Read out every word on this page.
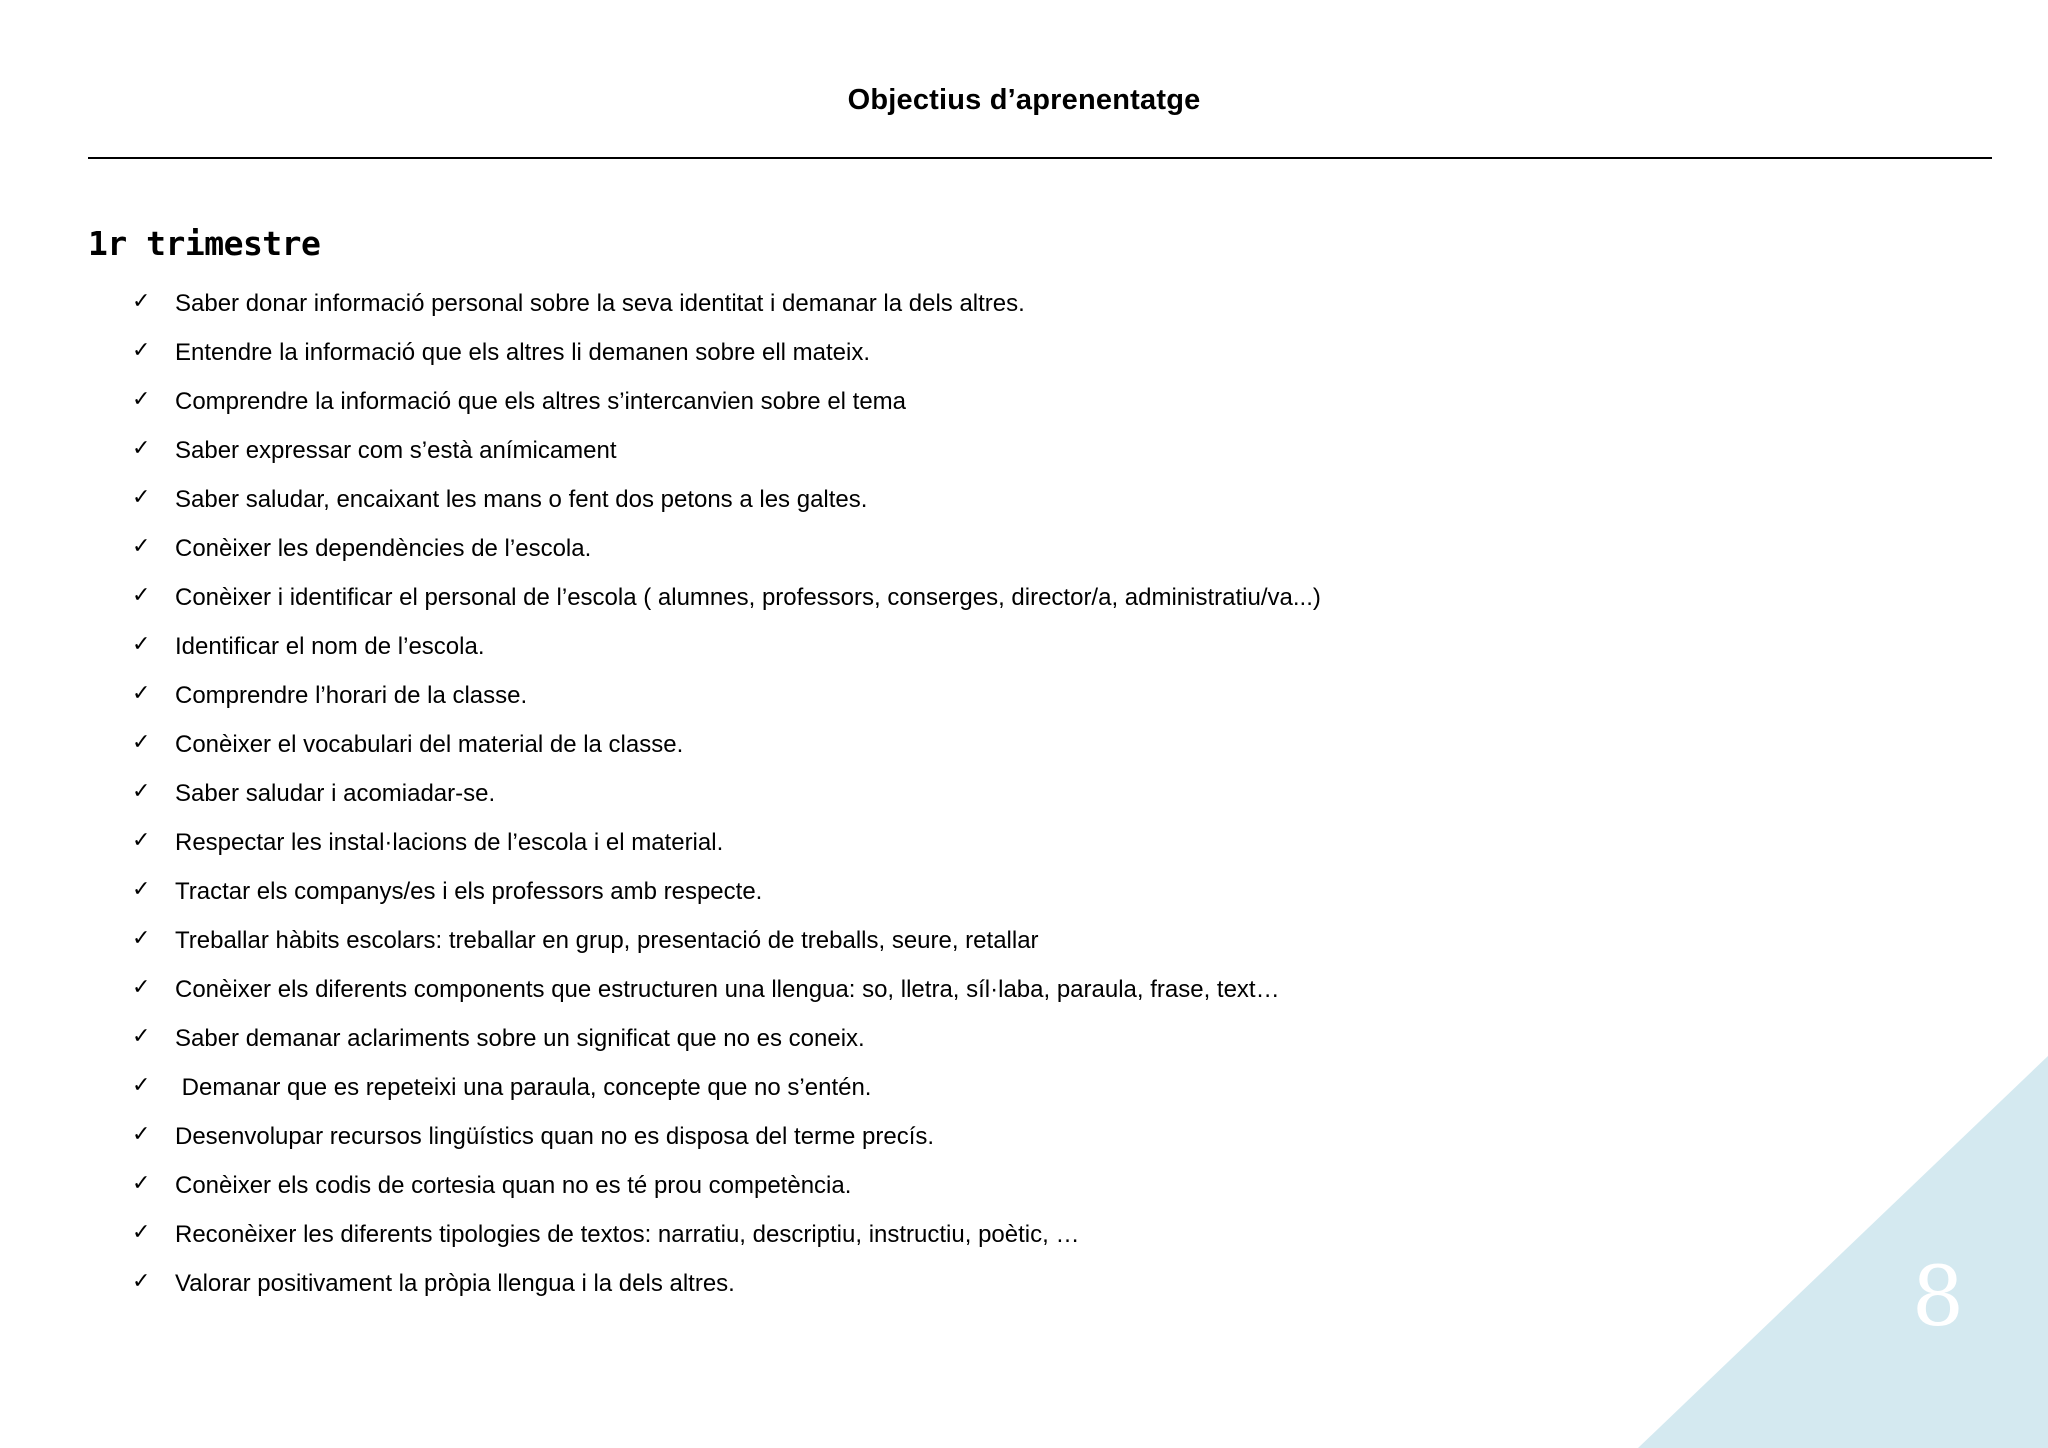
Objectius d’aprenentatge
1r trimestre
✓ Saber donar informació personal sobre la seva identitat i demanar la dels altres.
✓ Entendre la informació que els altres li demanen sobre ell mateix.
✓ Comprendre la informació que els altres s’intercanvien sobre el tema
✓ Saber expressar com s’està anímicament
✓ Saber saludar, encaixant les mans o fent dos petons a les galtes.
✓ Conèixer les dependències de l’escola.
✓ Conèixer i identificar el personal de l’escola ( alumnes, professors, conserges, director/a, administratiu/va...)
✓ Identificar el nom de l’escola.
✓ Comprendre l’horari de la classe.
✓ Conèixer el vocabulari del material de la classe.
✓ Saber saludar i acomiadar-se.
✓ Respectar les instal·lacions de l’escola i el material.
✓ Tractar els companys/es i els professors amb respecte.
✓ Treballar hàbits escolars: treballar en grup, presentació de treballs, seure, retallar
✓ Conèixer els diferents components que estructuren una llengua: so, lletra, síl·laba, paraula, frase, text…
✓ Saber demanar aclariments sobre un significat que no es coneix.
✓ Demanar que es repeteixi una paraula, concepte que no s’entén.
✓ Desenvolupar recursos lingüístics quan no es disposa del terme precís.
✓ Conèixer els codis de cortesia quan no es té prou competència.
✓ Reconèixer les diferents tipologies de textos: narratiu, descriptiu, instructiu, poètic, …
✓ Valorar positivament la pròpia llengua i la dels altres.	8
